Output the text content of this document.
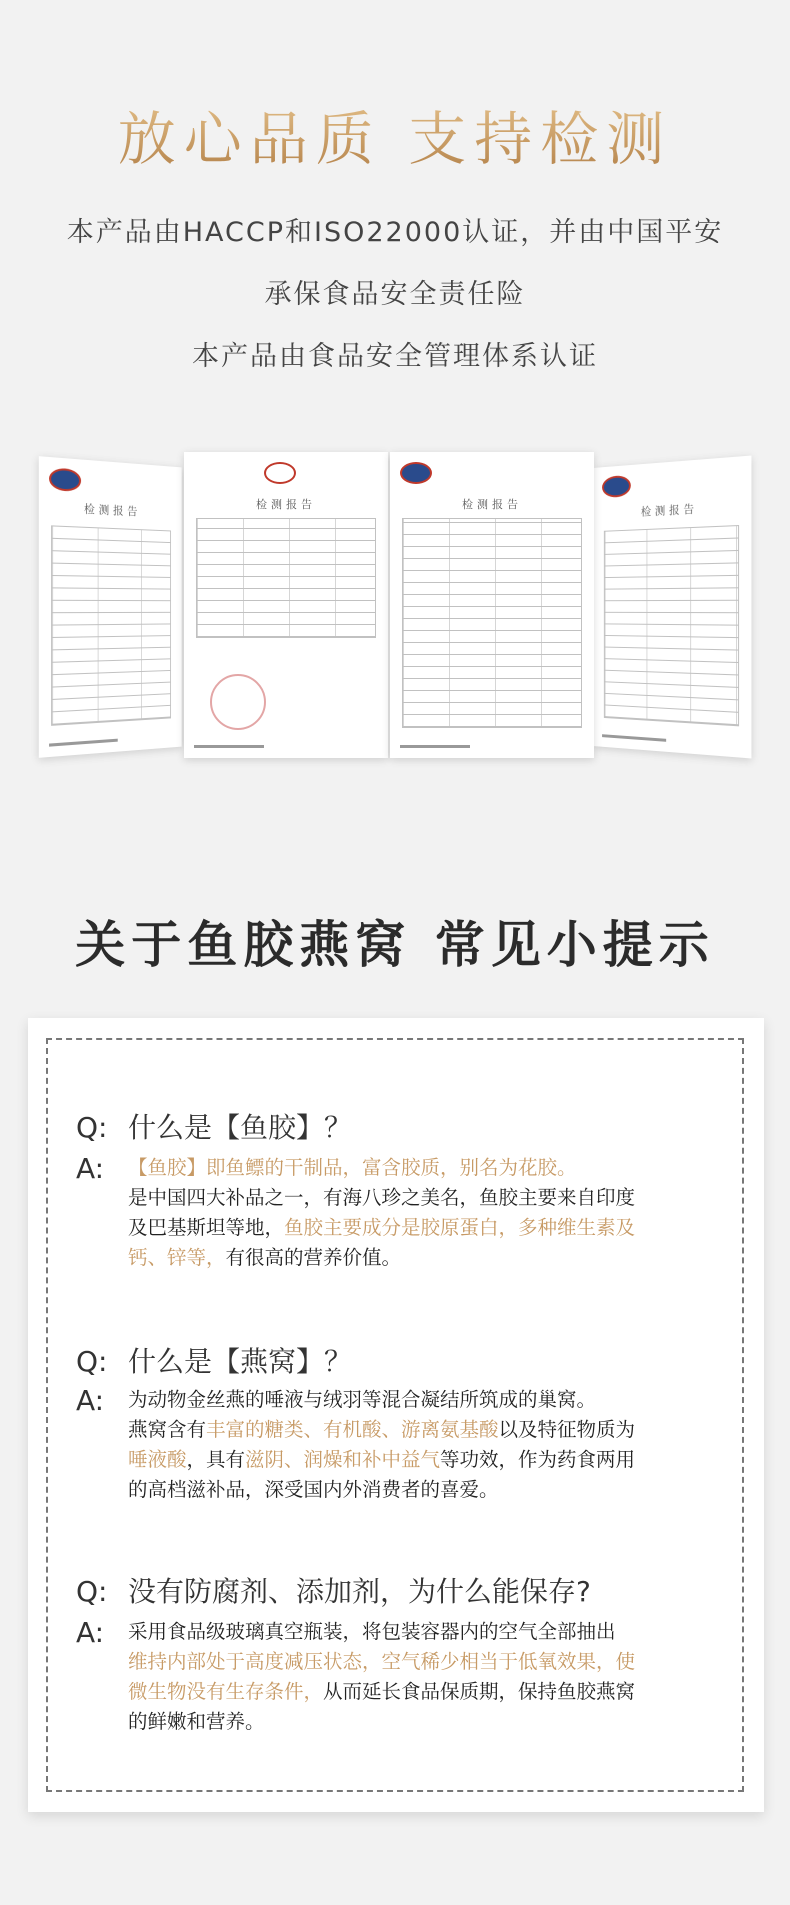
放心品质 支持检测
本产品由HACCP和ISO22000认证，并由中国平安
承保食品安全责任险
本产品由食品安全管理体系认证
检测报告	检测报告
检测报告	检测报告
关于鱼胶燕窝 常见小提示
Q: 什么是【鱼胶】？
A: 【鱼胶】即鱼鳔的干制品，富含胶质，别名为花胶。
是中国四大补品之一，有海八珍之美名，鱼胶主要来自印度
及巴基斯坦等地，鱼胶主要成分是胶原蛋白，多种维生素及
钙、锌等，有很高的营养价值。
Q: 什么是【燕窝】？
A: 为动物金丝燕的唾液与绒羽等混合凝结所筑成的巢窝。
燕窝含有丰富的糖类、有机酸、游离氨基酸以及特征物质为
唾液酸，具有滋阴、润燥和补中益气等功效，作为药食两用
的高档滋补品，深受国内外消费者的喜爱。
Q: 没有防腐剂、添加剂，为什么能保存?
A: 采用食品级玻璃真空瓶装，将包装容器内的空气全部抽出
维持内部处于高度减压状态，空气稀少相当于低氧效果，使
微生物没有生存条件，从而延长食品保质期，保持鱼胶燕窝
的鲜嫩和营养。
